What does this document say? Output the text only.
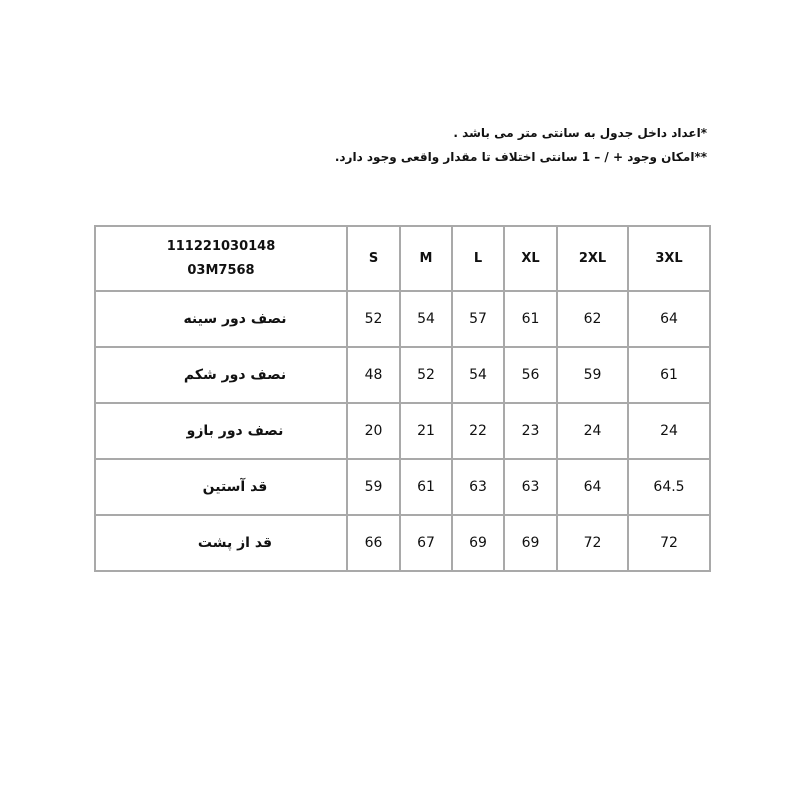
*اعداد داخل جدول به سانتی متر می باشد .
**امکان وجود + / – 1 سانتی اختلاف تا مقدار واقعی وجود دارد.
111221030148
03M7568	S	M	L	XL	2XL	3XL
نصف دور سینه	52	54	57	61	62	64
نصف دور شکم	48	52	54	56	59	61
نصف دور بازو	20	21	22	23	24	24
قد آستین	59	61	63	63	64	64.5
قد از پشت	66	67	69	69	72	72
